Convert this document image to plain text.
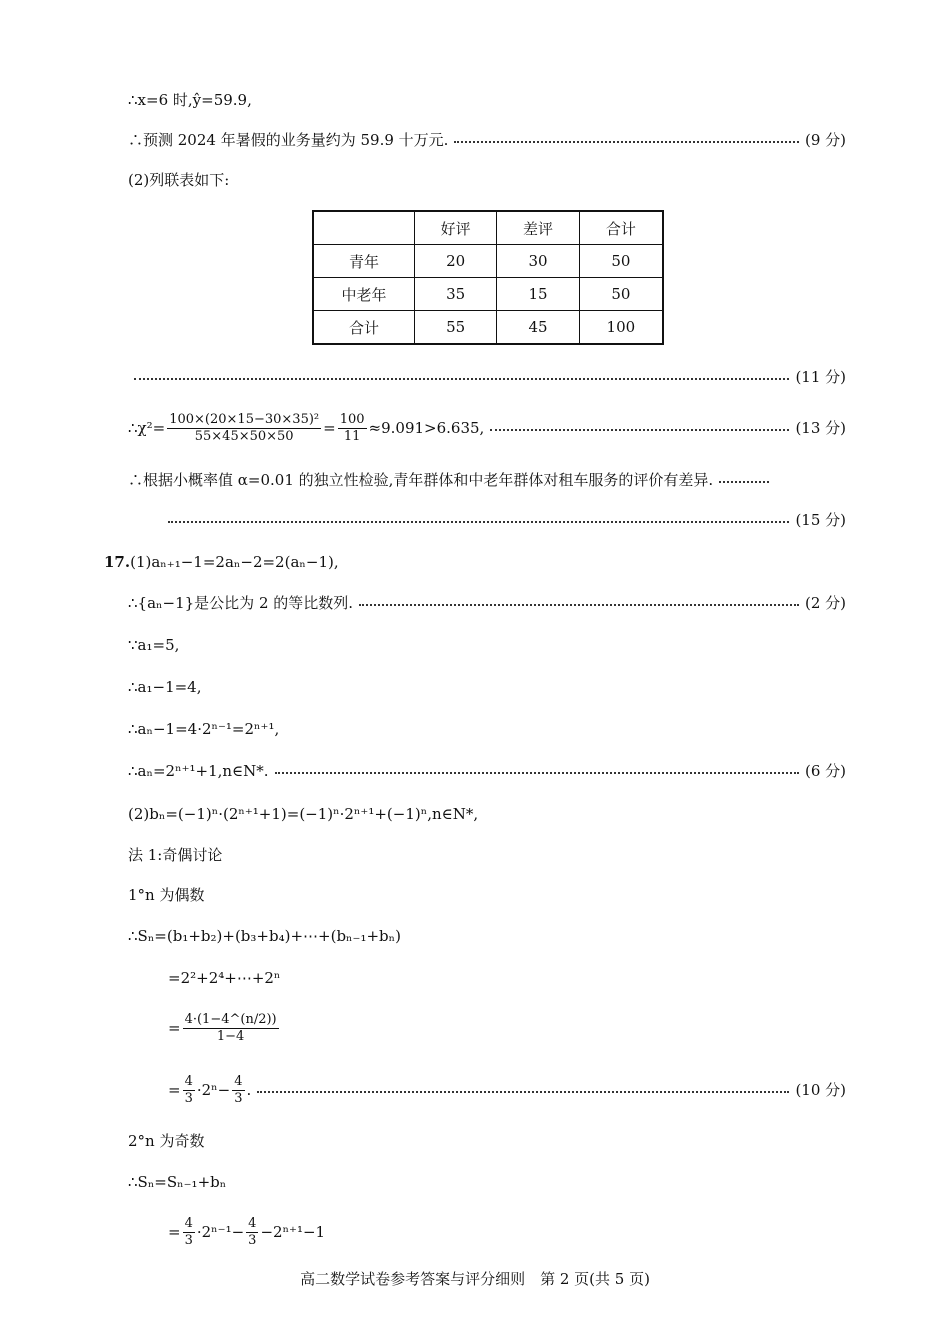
∴x=6 时,ŷ=59.9,
∴预测 2024 年暑假的业务量约为 59.9 十万元.	(9 分)
(2)列联表如下:
	好评	差评	合计
青年	20	30	50
中老年	35	15	50
合计	55	45	100
(11 分)
∴χ²= $\frac{\text{100×(20×15−30×35)²}}{55\times 45\times 50\times 50} = \frac{100}{11} \approx 9.091>6.635$,	(13 分)
∴根据小概率值 α=0.01 的独立性检验,青年群体和中老年群体对租车服务的评价有差异.
(15 分)
17. (1)aₙ₊₁−1=2aₙ−2=2(aₙ−1),
∴{aₙ−1}是公比为 2 的等比数列.	(2 分)
∵a₁=5,
∴a₁−1=4,
∴aₙ−1=4·2ⁿ⁻¹=2ⁿ⁺¹,
∴aₙ=2ⁿ⁺¹+1,n∈N*.	(6 分)
(2)bₙ=(−1)ⁿ·(2ⁿ⁺¹+1)=(−1)ⁿ·2ⁿ⁺¹+(−1)ⁿ,n∈N*,
法 1:奇偶讨论
1°n 为偶数
∴Sₙ=(b₁+b₂)+(b₃+b₄)+⋯+(bₙ₋₁+bₙ)
=2²+2⁴+⋯+2ⁿ
= $\frac{4\cdot(1-4\^{}(n/2))}{1-4}$
= $\frac{4}{3} \cdot 2^n- \frac{4}{3}$ .	(10 分)
2°n 为奇数
∴Sₙ=Sₙ₋₁+bₙ
= $\frac{4}{3} \cdot 2^{n-1}- \frac{4}{3} -2^{n+1}-1$
高二数学试卷参考答案与评分细则　第 2 页(共 5 页)
